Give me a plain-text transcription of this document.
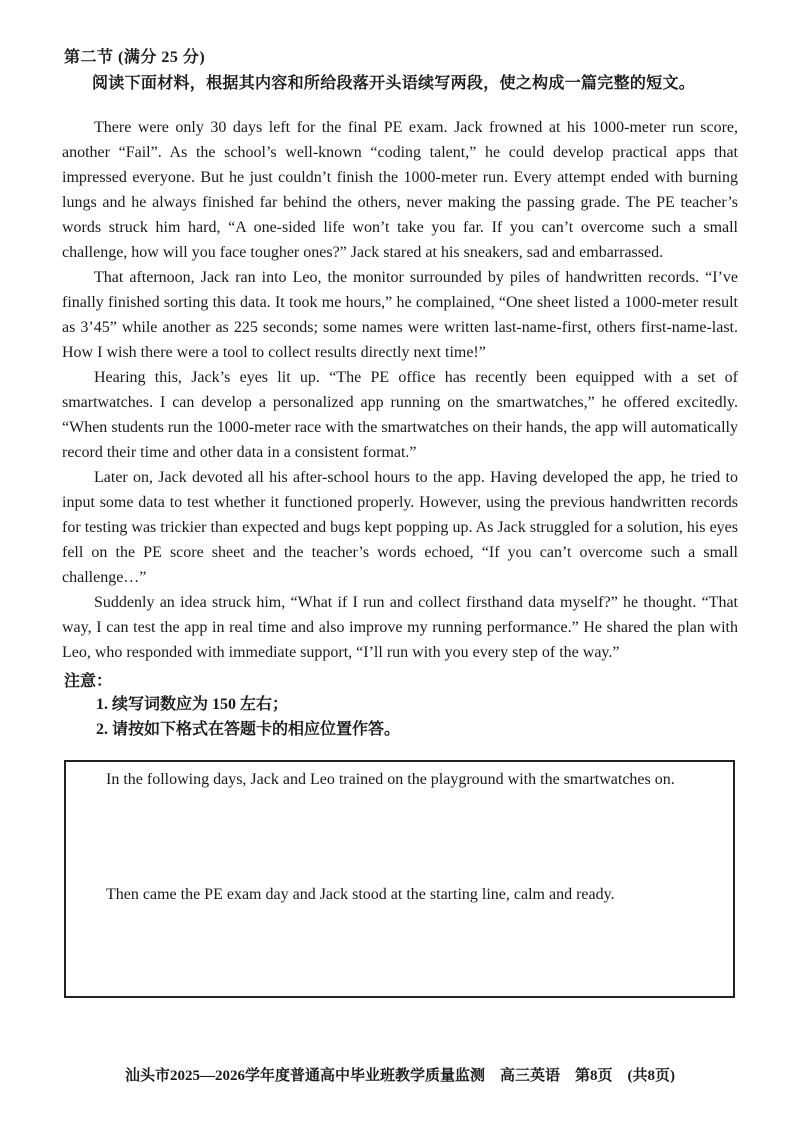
第二节 (满分 25 分)
阅读下面材料，根据其内容和所给段落开头语续写两段，使之构成一篇完整的短文。

There were only 30 days left for the final PE exam. Jack frowned at his 1000-meter run score, another “Fail”. As the school’s well-known “coding talent,” he could develop practical apps that impressed everyone. But he just couldn’t finish the 1000-meter run. Every attempt ended with burning lungs and he always finished far behind the others, never making the passing grade. The PE teacher’s words struck him hard, “A one-sided life won’t take you far. If you can’t overcome such a small challenge, how will you face tougher ones?” Jack stared at his sneakers, sad and embarrassed.

That afternoon, Jack ran into Leo, the monitor surrounded by piles of handwritten records. “I’ve finally finished sorting this data. It took me hours,” he complained, “One sheet listed a 1000-meter result as 3’45” while another as 225 seconds; some names were written last-name-first, others first-name-last. How I wish there were a tool to collect results directly next time!”

Hearing this, Jack’s eyes lit up. “The PE office has recently been equipped with a set of smartwatches. I can develop a personalized app running on the smartwatches,” he offered excitedly. “When students run the 1000-meter race with the smartwatches on their hands, the app will automatically record their time and other data in a consistent format.”

Later on, Jack devoted all his after-school hours to the app. Having developed the app, he tried to input some data to test whether it functioned properly. However, using the previous handwritten records for testing was trickier than expected and bugs kept popping up. As Jack struggled for a solution, his eyes fell on the PE score sheet and the teacher’s words echoed, “If you can’t overcome such a small challenge…”

Suddenly an idea struck him, “What if I run and collect firsthand data myself?” he thought. “That way, I can test the app in real time and also improve my running performance.” He shared the plan with Leo, who responded with immediate support, “I’ll run with you every step of the way.”

注意：
1. 续写词数应为 150 左右；
2. 请按如下格式在答题卡的相应位置作答。
In the following days, Jack and Leo trained on the playground with the smartwatches on.
Then came the PE exam day and Jack stood at the starting line, calm and ready.
汕头市2025—2026学年度普通高中毕业班教学质量监测　高三英语　第8页　(共8页)
